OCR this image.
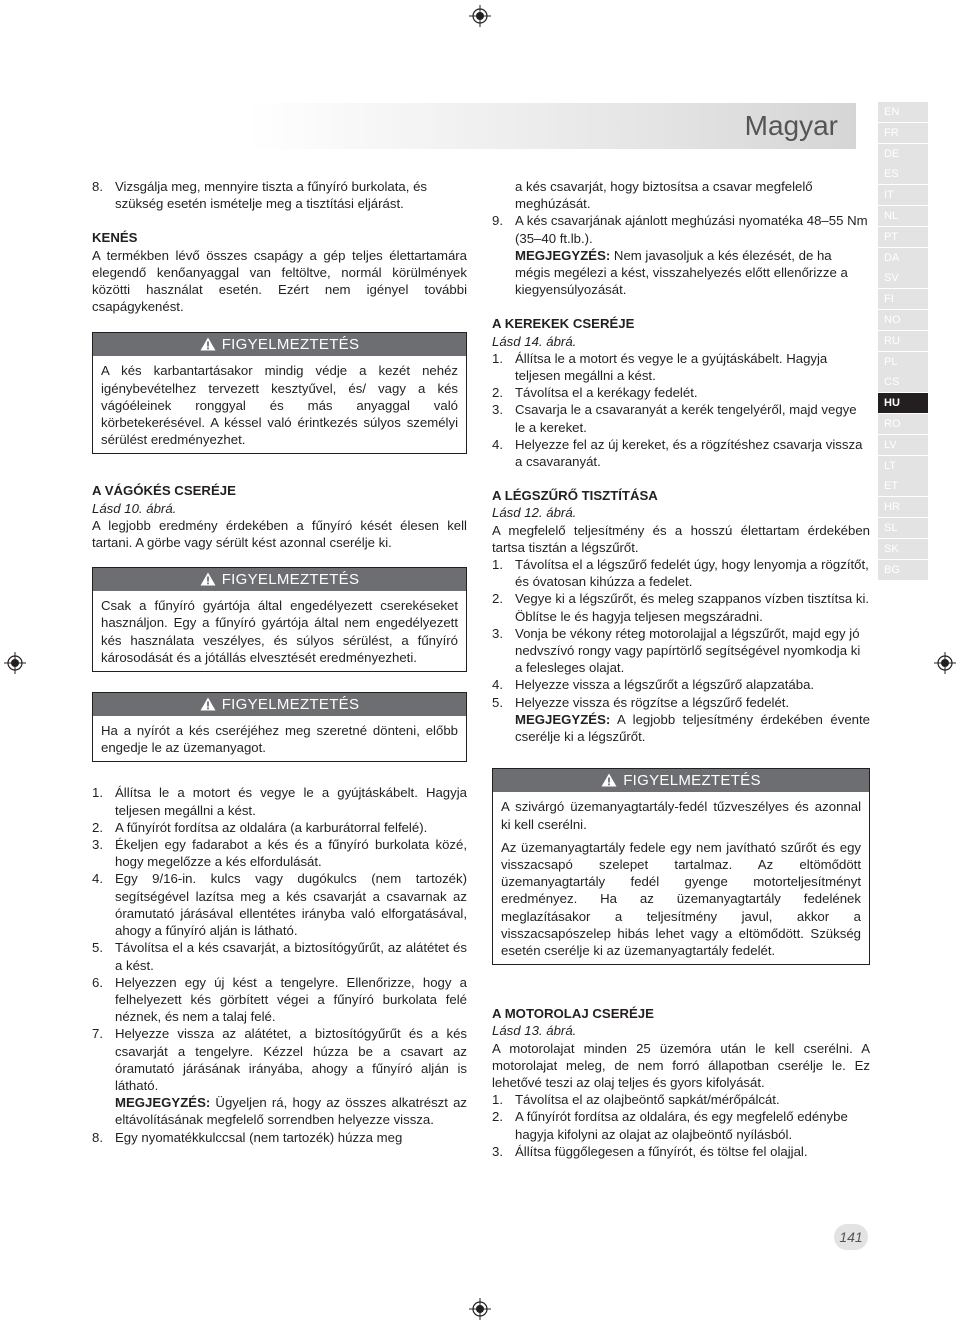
Magyar	EN
FR
DE
ES
IT
NL
PT
DA
SV
FI
NO
RU
PL
CS
HU
RO
LV
LT
ET
HR
SL
SK
BG
8. Vizsgálja meg, mennyire tiszta a fűnyíró burkolata, és szükség esetén ismételje meg a tisztítási eljárást.

KENÉS

A termékben lévő összes csapágy a gép teljes élettartamára elegendő kenőanyaggal van feltöltve, normál körülmények közötti használat esetén. Ezért nem igényel további csapágykenést.

FIGYELMEZTETÉS

A kés karbantartásakor mindig védje a kezét nehéz igénybevételhez tervezett kesztyűvel, és/ vagy a kés vágóéleinek ronggyal és más anyaggal való körbetekerésével. A késsel való érintkezés súlyos személyi sérülést eredményezhet.

A VÁGÓKÉS CSERÉJE

Lásd 10. ábrá.

A legjobb eredmény érdekében a fűnyíró kését élesen kell tartani. A görbe vagy sérült kést azonnal cserélje ki.

FIGYELMEZTETÉS

Csak a fűnyíró gyártója által engedélyezett cserekéseket használjon. Egy a fűnyíró gyártója által nem engedélyezett kés használata veszélyes, és súlyos sérülést, a fűnyíró károsodását és a jótállás elvesztését eredményezheti.

FIGYELMEZTETÉS

Ha a nyírót a kés cseréjéhez meg szeretné dönteni, előbb engedje le az üzemanyagot.

1. Állítsa le a motort és vegye le a gyújtáskábelt. Hagyja teljesen megállni a kést.
2. A fűnyírót fordítsa az oldalára (a karburátorral felfelé).
3. Ékeljen egy fadarabot a kés és a fűnyíró burkolata közé, hogy megelőzze a kés elfordulását.
4. Egy 9/16-in. kulcs vagy dugókulcs (nem tartozék) segítségével lazítsa meg a kés csavarját a csavarnak az óramutató járásával ellentétes irányba való elforgatásával, ahogy a fűnyíró alján is látható.
5. Távolítsa el a kés csavarját, a biztosítógyűrűt, az alátétet és a kést.
6. Helyezzen egy új kést a tengelyre. Ellenőrizze, hogy a felhelyezett kés görbített végei a fűnyíró burkolata felé néznek, és nem a talaj felé.
7. Helyezze vissza az alátétet, a biztosítógyűrűt és a kés csavarját a tengelyre. Kézzel húzza be a csavart az óramutató járásának irányába, ahogy a fűnyíró alján is látható.
MEGJEGYZÉS: Ügyeljen rá, hogy az összes alkatrészt az eltávolításának megfelelő sorrendben helyezze vissza.
8. Egy nyomatékkulccsal (nem tartozék) húzza meg
a kés csavarját, hogy biztosítsa a csavar megfelelő meghúzását.
9. A kés csavarjának ajánlott meghúzási nyomatéka 48–55 Nm (35–40 ft.lb.).
MEGJEGYZÉS: Nem javasoljuk a kés élezését, de ha mégis megélezi a kést, visszahelyezés előtt ellenőrizze a kiegyensúlyozását.

A KEREKEK CSERÉJE

Lásd 14. ábrá.

1. Állítsa le a motort és vegye le a gyújtáskábelt. Hagyja teljesen megállni a kést.
2. Távolítsa el a kerékagy fedelét.
3. Csavarja le a csavaranyát a kerék tengelyéről, majd vegye le a kereket.
4. Helyezze fel az új kereket, és a rögzítéshez csavarja vissza a csavaranyát.

A LÉGSZŰRŐ TISZTÍTÁSA

Lásd 12. ábrá.

A megfelelő teljesítmény és a hosszú élettartam érdekében tartsa tisztán a légszűrőt.

1. Távolítsa el a légszűrő fedelét úgy, hogy lenyomja a rögzítőt, és óvatosan kihúzza a fedelet.
2. Vegye ki a légszűrőt, és meleg szappanos vízben tisztítsa ki. Öblítse le és hagyja teljesen megszáradni.
3. Vonja be vékony réteg motorolajjal a légszűrőt, majd egy jó nedvszívó rongy vagy papírtörlő segítségével nyomkodja ki a felesleges olajat.
4. Helyezze vissza a légszűrőt a légszűrő alapzatába.
5. Helyezze vissza és rögzítse a légszűrő fedelét.
MEGJEGYZÉS: A legjobb teljesítmény érdekében évente cserélje ki a légszűrőt.
FIGYELMEZTETÉS

A szivárgó üzemanyagtartály-fedél tűzveszélyes és azonnal ki kell cserélni.

Az üzemanyagtartály fedele egy nem javítható szűrőt és egy visszacsapó szelepet tartalmaz. Az eltömődött üzemanyagtartály fedél gyenge motorteljesítményt eredményez. Ha az üzemanyagtartály fedelének meglazításakor a teljesítmény javul, akkor a visszacsapószelep hibás lehet vagy a eltömődött. Szükség esetén cserélje ki az üzemanyagtartály fedelét.

A MOTOROLAJ CSERÉJE

Lásd 13. ábrá.

A motorolajat minden 25 üzemóra után le kell cserélni. A motorolajat meleg, de nem forró állapotban cserélje le. Ez lehetővé teszi az olaj teljes és gyors kifolyását.

1. Távolítsa el az olajbeöntő sapkát/mérőpálcát.
2. A fűnyírót fordítsa az oldalára, és egy megfelelő edénybe hagyja kifolyni az olajat az olajbeöntő nyílásból.
3. Állítsa függőlegesen a fűnyírót, és töltse fel olajjal.
141
